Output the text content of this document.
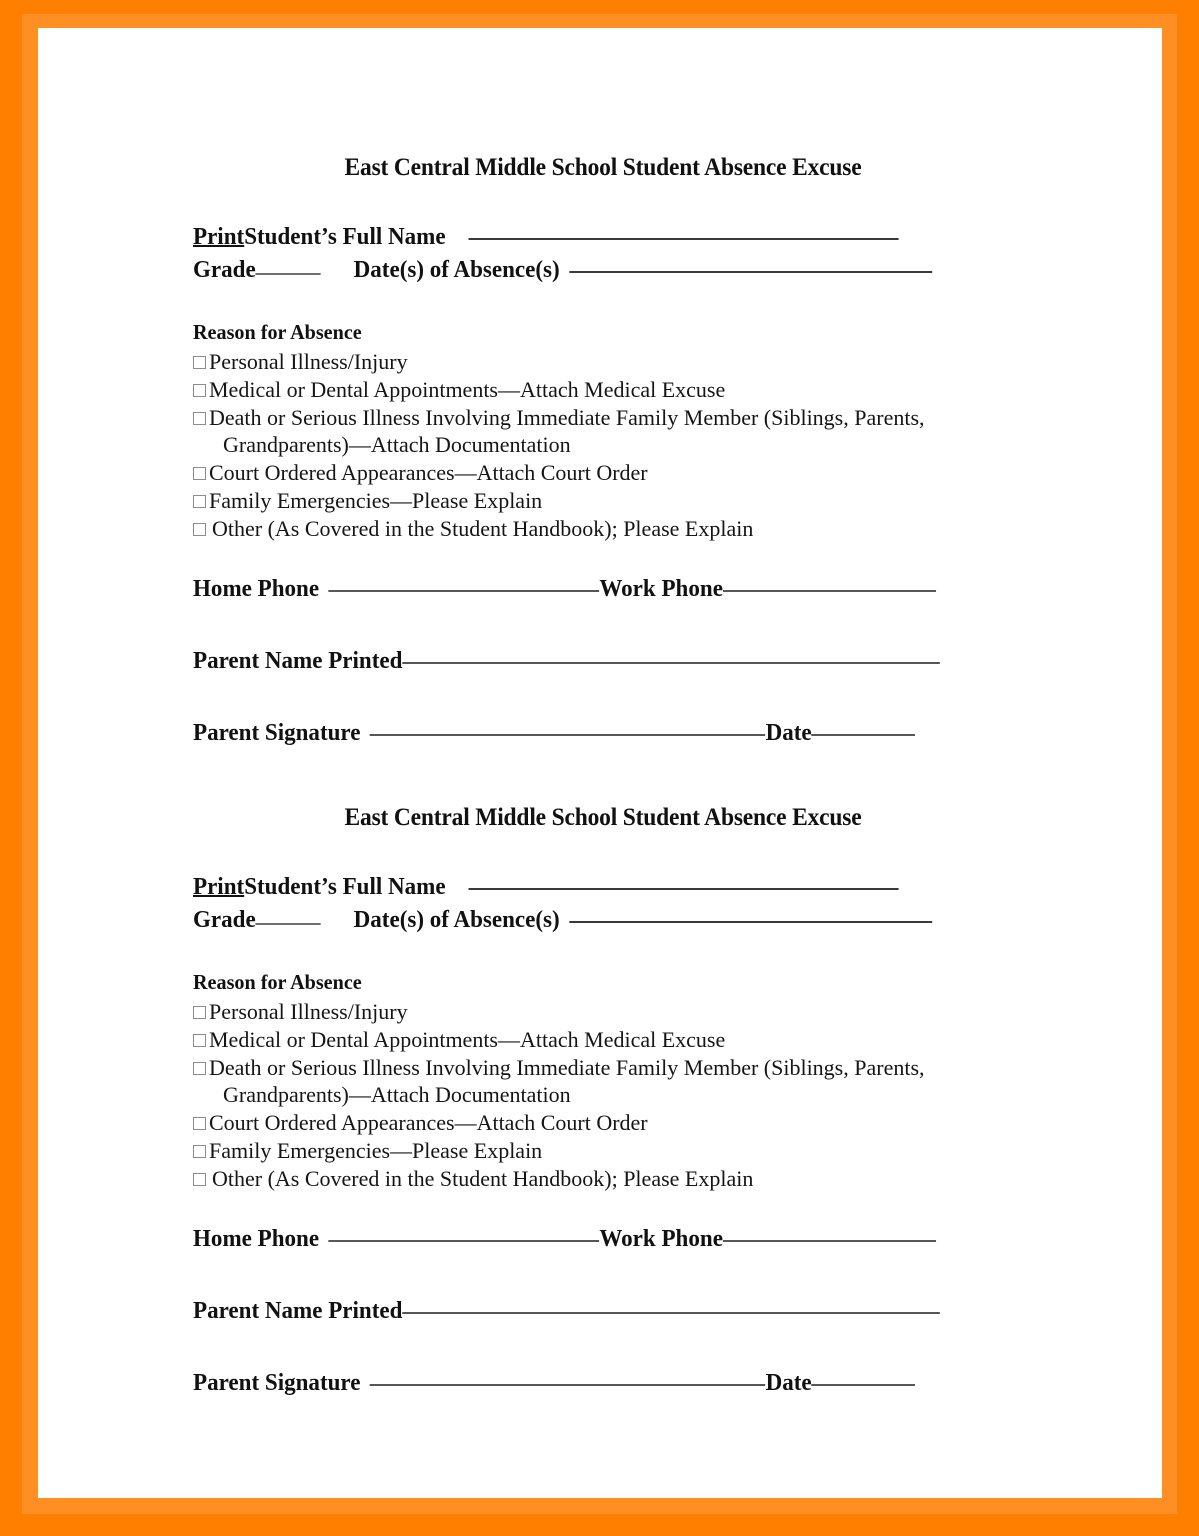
East Central Middle School Student Absence Excuse
Print Student’s Full Name
Grade	Date(s) of Absence(s)
Reason for Absence
Personal Illness/Injury
Medical or Dental Appointments—Attach Medical Excuse
Death or Serious Illness Involving Immediate Family Member (Siblings, Parents,
Grandparents)—Attach Documentation
Court Ordered Appearances—Attach Court Order
Family Emergencies—Please Explain
Other (As Covered in the Student Handbook); Please Explain
Home Phone	Work Phone
Parent Name Printed
Parent Signature	Date
East Central Middle School Student Absence Excuse
Print Student’s Full Name
Grade	Date(s) of Absence(s)
Reason for Absence
Personal Illness/Injury
Medical or Dental Appointments—Attach Medical Excuse
Death or Serious Illness Involving Immediate Family Member (Siblings, Parents,
Grandparents)—Attach Documentation
Court Ordered Appearances—Attach Court Order
Family Emergencies—Please Explain
Other (As Covered in the Student Handbook); Please Explain
Home Phone	Work Phone
Parent Name Printed
Parent Signature	Date
